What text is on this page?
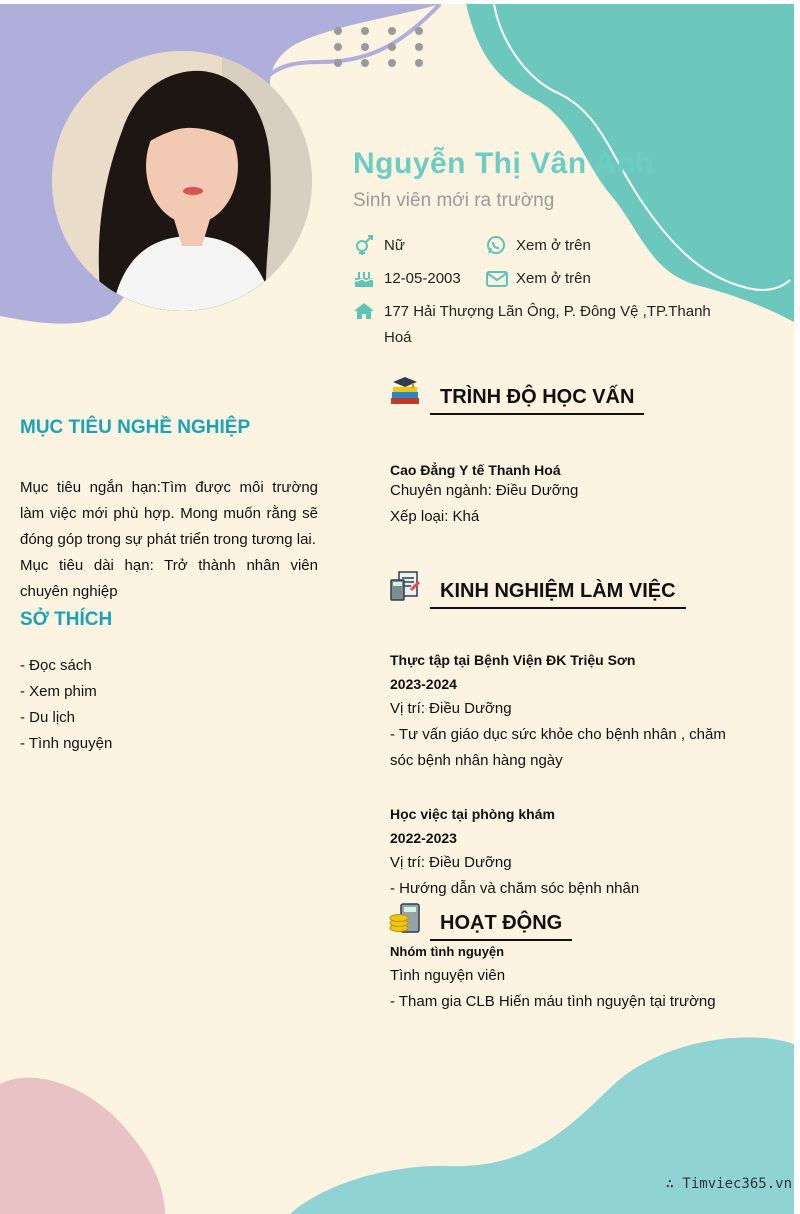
Nguyễn Thị Vân Anh
Sinh viên mới ra trường
Nữ	Xem ở trên
12-05-2003	Xem ở trên
177 Hải Thượng Lãn Ông, P. Đông Vệ ,TP.Thanh Hoá
MỤC TIÊU NGHỀ NGHIỆP
Mục tiêu ngắn hạn:Tìm được môi trường làm việc mới phù hợp. Mong muốn rằng sẽ đóng góp trong sự phát triển trong tương lai.
Mục tiêu dài hạn: Trở thành nhân viên chuyên nghiệp
SỞ THÍCH
- Đọc sách
- Xem phim
- Du lịch
- Tình nguyện
TRÌNH ĐỘ HỌC VẤN
Cao Đẳng Y tế Thanh Hoá
Chuyên ngành: Điều Dưỡng
Xếp loại: Khá
KINH NGHIỆM LÀM VIỆC
Thực tập tại Bệnh Viện ĐK Triệu Sơn
2023-2024
Vị trí: Điều Dưỡng
- Tư vấn giáo dục sức khỏe cho bệnh nhân , chăm sóc bệnh nhân hàng ngày
Học việc tại phòng khám
2022-2023
Vị trí: Điều Dưỡng
- Hướng dẫn và chăm sóc bệnh nhân
HOẠT ĐỘNG
Nhóm tình nguyện
Tình nguyện viên
- Tham gia CLB Hiến máu tình nguyện tại trường
∴ Timviec365.vn
